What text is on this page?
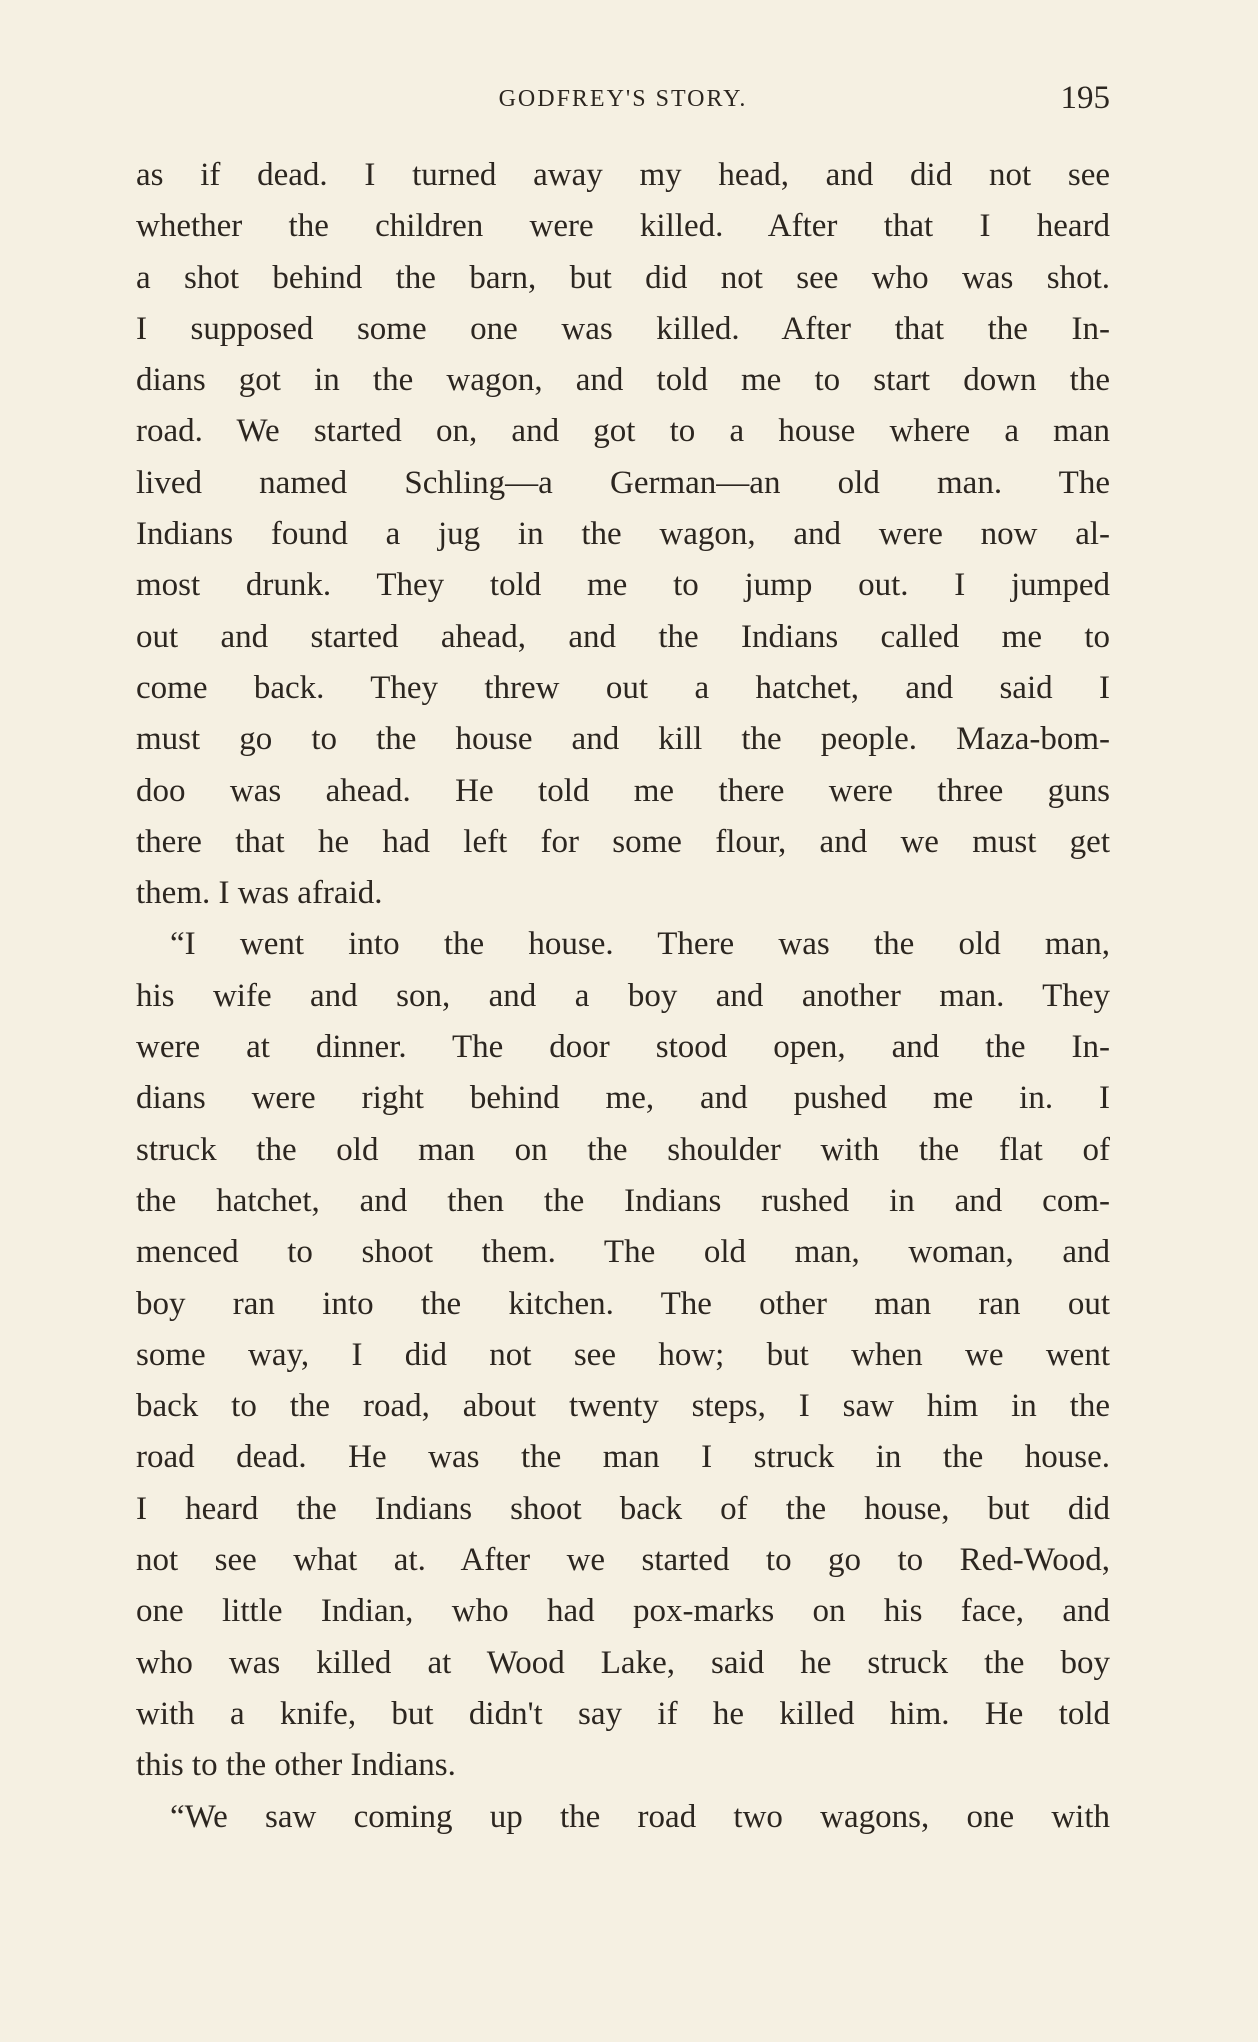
GODFREY'S STORY.	195
as if dead. I turned away my head, and did not see
whether the children were killed. After that I heard
a shot behind the barn, but did not see who was shot.
I supposed some one was killed. After that the In-
dians got in the wagon, and told me to start down the
road. We started on, and got to a house where a man
lived named Schling—a German—an old man. The
Indians found a jug in the wagon, and were now al-
most drunk. They told me to jump out. I jumped
out and started ahead, and the Indians called me to
come back. They threw out a hatchet, and said I
must go to the house and kill the people. Maza-bom-
doo was ahead. He told me there were three guns
there that he had left for some flour, and we must get
them. I was afraid.
“I went into the house. There was the old man,
his wife and son, and a boy and another man. They
were at dinner. The door stood open, and the In-
dians were right behind me, and pushed me in. I
struck the old man on the shoulder with the flat of
the hatchet, and then the Indians rushed in and com-
menced to shoot them. The old man, woman, and
boy ran into the kitchen. The other man ran out
some way, I did not see how; but when we went
back to the road, about twenty steps, I saw him in the
road dead. He was the man I struck in the house.
I heard the Indians shoot back of the house, but did
not see what at. After we started to go to Red-Wood,
one little Indian, who had pox-marks on his face, and
who was killed at Wood Lake, said he struck the boy
with a knife, but didn't say if he killed him. He told
this to the other Indians.
“We saw coming up the road two wagons, one with
